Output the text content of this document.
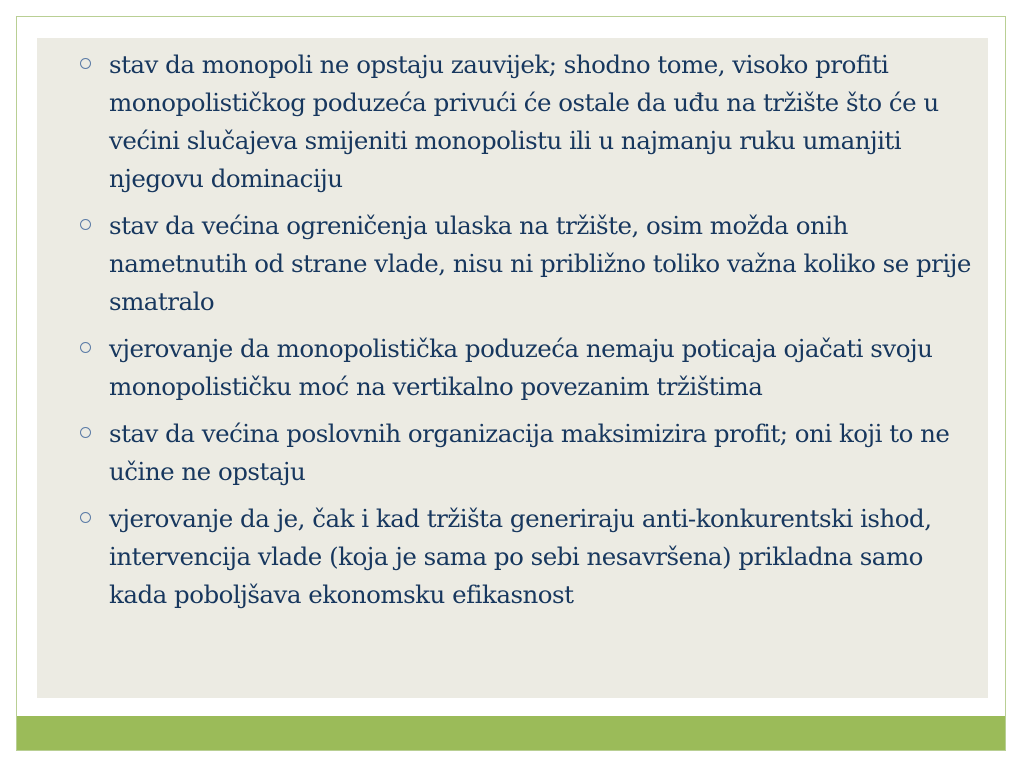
stav da monopoli ne opstaju zauvijek; shodno tome, visoko profiti monopolističkog poduzeća privući će ostale da uđu na tržište što će u većini slučajeva smijeniti monopolistu ili u najmanju ruku umanjiti njegovu dominaciju
stav da većina ogreničenja ulaska na tržište, osim možda onih nametnutih od strane vlade, nisu ni približno toliko važna koliko se prije smatralo
vjerovanje da monopolistička poduzeća nemaju poticaja ojačati svoju monopolističku moć na vertikalno povezanim tržištima
stav da većina poslovnih organizacija maksimizira profit; oni koji to ne učine ne opstaju
vjerovanje da je, čak i kad tržišta generiraju anti-konkurentski ishod, intervencija vlade (koja je sama po sebi nesavršena) prikladna samo kada poboljšava ekonomsku efikasnost
